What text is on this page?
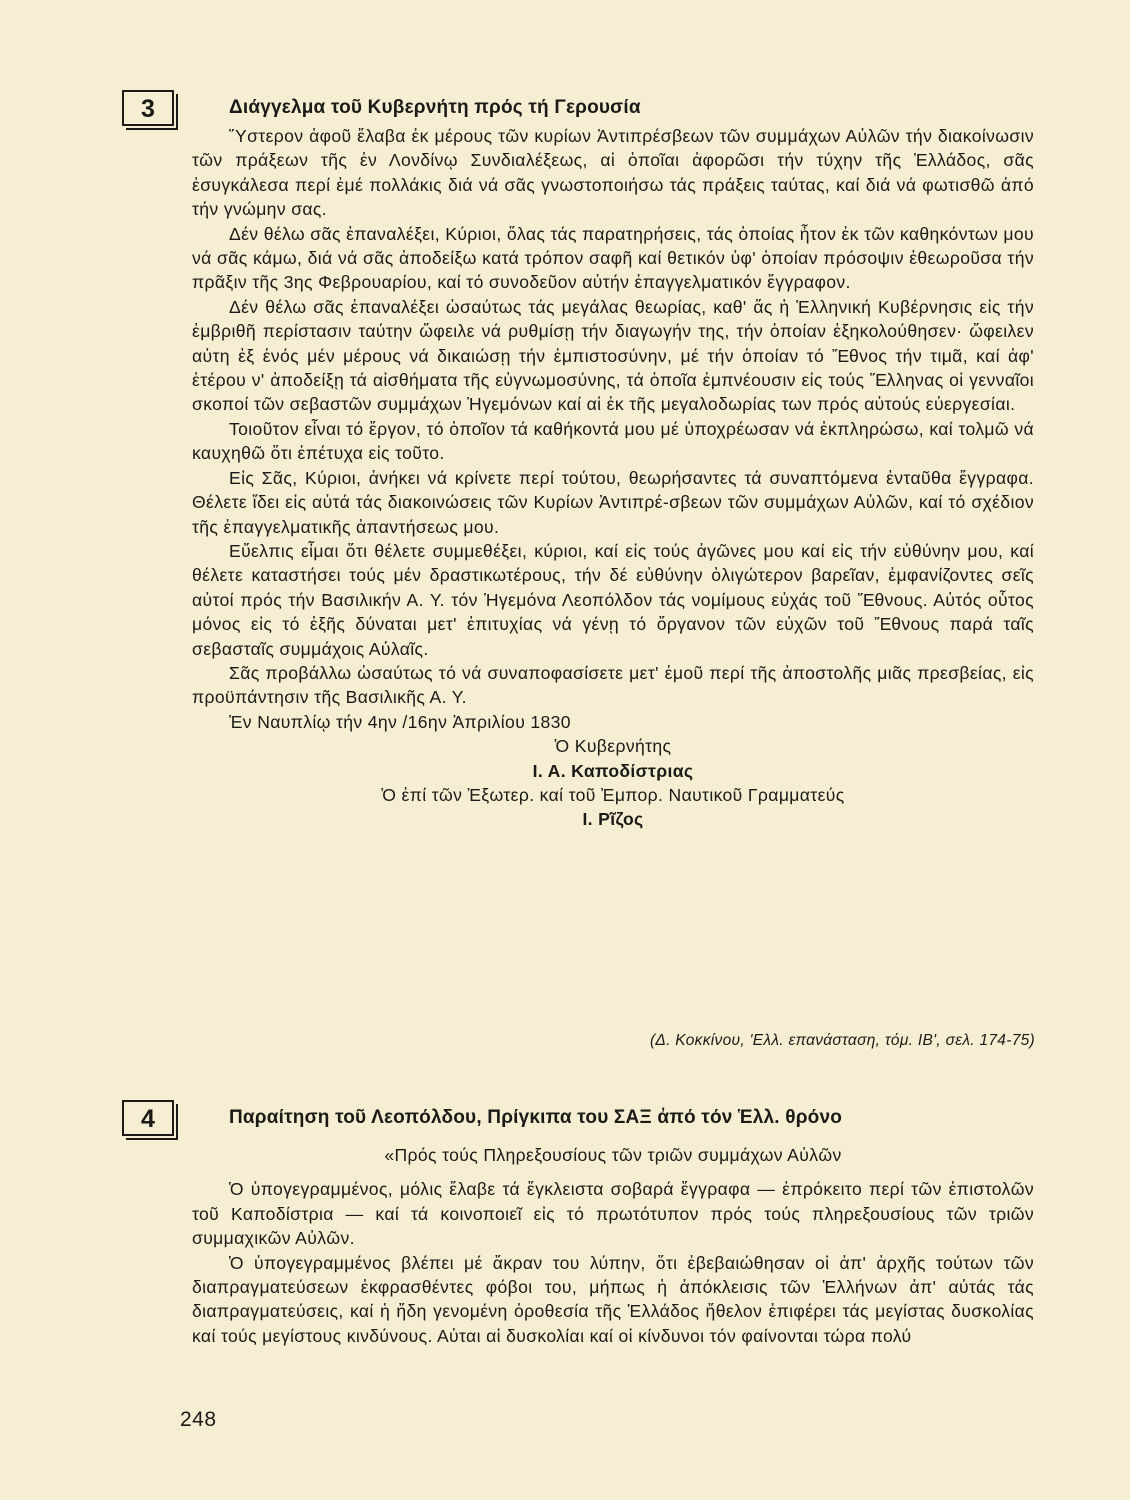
3	Διάγγελμα τοῦ Κυβερνήτη πρός τή Γερουσία

Ὕστερον ἀφοῦ ἔλαβα ἐκ μέρους τῶν κυρίων Ἀντιπρέσβεων τῶν συμμάχων Αὐλῶν τήν διακοίνωσιν τῶν πράξεων τῆς ἐν Λονδίνῳ Συνδιαλέξεως, αἱ ὁποῖαι ἀφορῶσι τήν τύχην τῆς Ἑλλάδος, σᾶς ἐσυγκάλεσα περί ἐμέ πολλάκις διά νά σᾶς γνωστοποιήσω τάς πράξεις ταύτας, καί διά νά φωτισθῶ ἀπό τήν γνώμην σας.

Δέν θέλω σᾶς ἐπαναλέξει, Κύριοι, ὅλας τάς παρατηρήσεις, τάς ὁποίας ἦτον ἐκ τῶν καθηκόντων μου νά σᾶς κάμω, διά νά σᾶς ἀποδείξω κατά τρόπον σαφῆ καί θετικόν ὑφ' ὁποίαν πρόσοψιν ἐθεωροῦσα τήν πρᾶξιν τῆς 3ης Φεβρουαρίου, καί τό συνοδεῦον αὐτήν ἐπαγγελματικόν ἔγγραφον.

Δέν θέλω σᾶς ἐπαναλέξει ὡσαύτως τάς μεγάλας θεωρίας, καθ' ἅς ἡ Ἑλληνική Κυβέρνησις εἰς τήν ἐμβριθῆ περίστασιν ταύτην ὤφειλε νά ρυθμίσῃ τήν διαγωγήν της, τήν ὁποίαν ἐξηκολούθησεν· ὤφειλεν αὐτη ἐξ ἑνός μέν μέρους νά δικαιώσῃ τήν ἐμπιστοσύνην, μέ τήν ὁποίαν τό Ἔθνος τήν τιμᾶ, καί ἀφ' ἑτέρου ν' ἀποδείξῃ τά αἰσθήματα τῆς εὐγνωμοσύνης, τά ὁποῖα ἐμπνέουσιν εἰς τούς Ἕλληνας οἱ γενναῖοι σκοποί τῶν σεβαστῶν συμμάχων Ἡγεμόνων καί αἱ ἐκ τῆς μεγαλοδωρίας των πρός αὐτούς εὐεργεσίαι.

Τοιοῦτον εἶναι τό ἔργον, τό ὁποῖον τά καθήκοντά μου μέ ὑποχρέωσαν νά ἐκπληρώσω, καί τολμῶ νά καυχηθῶ ὅτι ἐπέτυχα εἰς τοῦτο.

Εἰς Σᾶς, Κύριοι, ἀνήκει νά κρίνετε περί τούτου, θεωρήσαντες τά συναπτόμενα ἐνταῦθα ἔγγραφα. Θέλετε ἴδει εἰς αὐτά τάς διακοινώσεις τῶν Κυρίων Ἀντιπρέ-σβεων τῶν συμμάχων Αὐλῶν, καί τό σχέδιον τῆς ἐπαγγελματικῆς ἀπαντήσεως μου.

Εὔελπις εἶμαι ὅτι θέλετε συμμεθέξει, κύριοι, καί εἰς τούς ἀγῶνες μου καί εἰς τήν εὐθύνην μου, καί θέλετε καταστήσει τούς μέν δραστικωτέρους, τήν δέ εὐθύνην ὀλιγώτερον βαρεῖαν, ἐμφανίζοντες σεῖς αὐτοί πρός τήν Βασιλικήν Α. Υ. τόν Ἡγεμόνα Λεοπόλδον τάς νομίμους εὐχάς τοῦ Ἔθνους. Αὐτός οὗτος μόνος εἰς τό ἑξῆς δύναται μετ' ἐπιτυχίας νά γένῃ τό ὄργανον τῶν εὐχῶν τοῦ Ἔθνους παρά ταῖς σεβασταῖς συμμάχοις Αὐλαῖς.

Σᾶς προβάλλω ὡσαύτως τό νά συναποφασίσετε μετ' ἐμοῦ περί τῆς ἀποστολῆς μιᾶς πρεσβείας, εἰς προϋπάντησιν τῆς Βασιλικῆς Α. Υ.

Ἐν Ναυπλίῳ τήν 4ην /16ην Ἀπριλίου 1830

Ὁ Κυβερνήτης

Ι. Α. Καποδίστριας

Ὁ ἐπί τῶν Ἐξωτερ. καί τοῦ Ἐμπορ. Ναυτικοῦ Γραμματεύς

Ι. Ρῖζος

(Δ. Κοκκίνου, 'Ελλ. επανάσταση, τόμ. ΙΒ', σελ. 174-75)
4	Παραίτηση τοῦ Λεοπόλδου, Πρίγκιπα του ΣΑΞ ἀπό τόν Ἑλλ. θρόνο

«Πρός τούς Πληρεξουσίους τῶν τριῶν συμμάχων Αὐλῶν

Ὁ ὑπογεγραμμένος, μόλις ἔλαβε τά ἔγκλειστα σοβαρά ἔγγραφα — ἐπρόκειτο περί τῶν ἐπιστολῶν τοῦ Καποδίστρια — καί τά κοινοποιεῖ εἰς τό πρωτότυπον πρός τούς πληρεξουσίους τῶν τριῶν συμμαχικῶν Αὐλῶν.

Ὁ ὑπογεγραμμένος βλέπει μέ ἄκραν του λύπην, ὅτι ἐβεβαιώθησαν οἱ ἀπ' ἀρχῆς τούτων τῶν διαπραγματεύσεων ἐκφρασθέντες φόβοι του, μήπως ἡ ἀπόκλεισις τῶν Ἑλλήνων ἀπ' αὐτάς τάς διαπραγματεύσεις, καί ἡ ἤδη γενομένη ὀροθεσία τῆς Ἑλλάδος ἤθελον ἐπιφέρει τάς μεγίστας δυσκολίας καί τούς μεγίστους κινδύνους. Αὐται αἱ δυσκολίαι καί οἱ κίνδυνοι τόν φαίνονται τώρα πολύ

248
